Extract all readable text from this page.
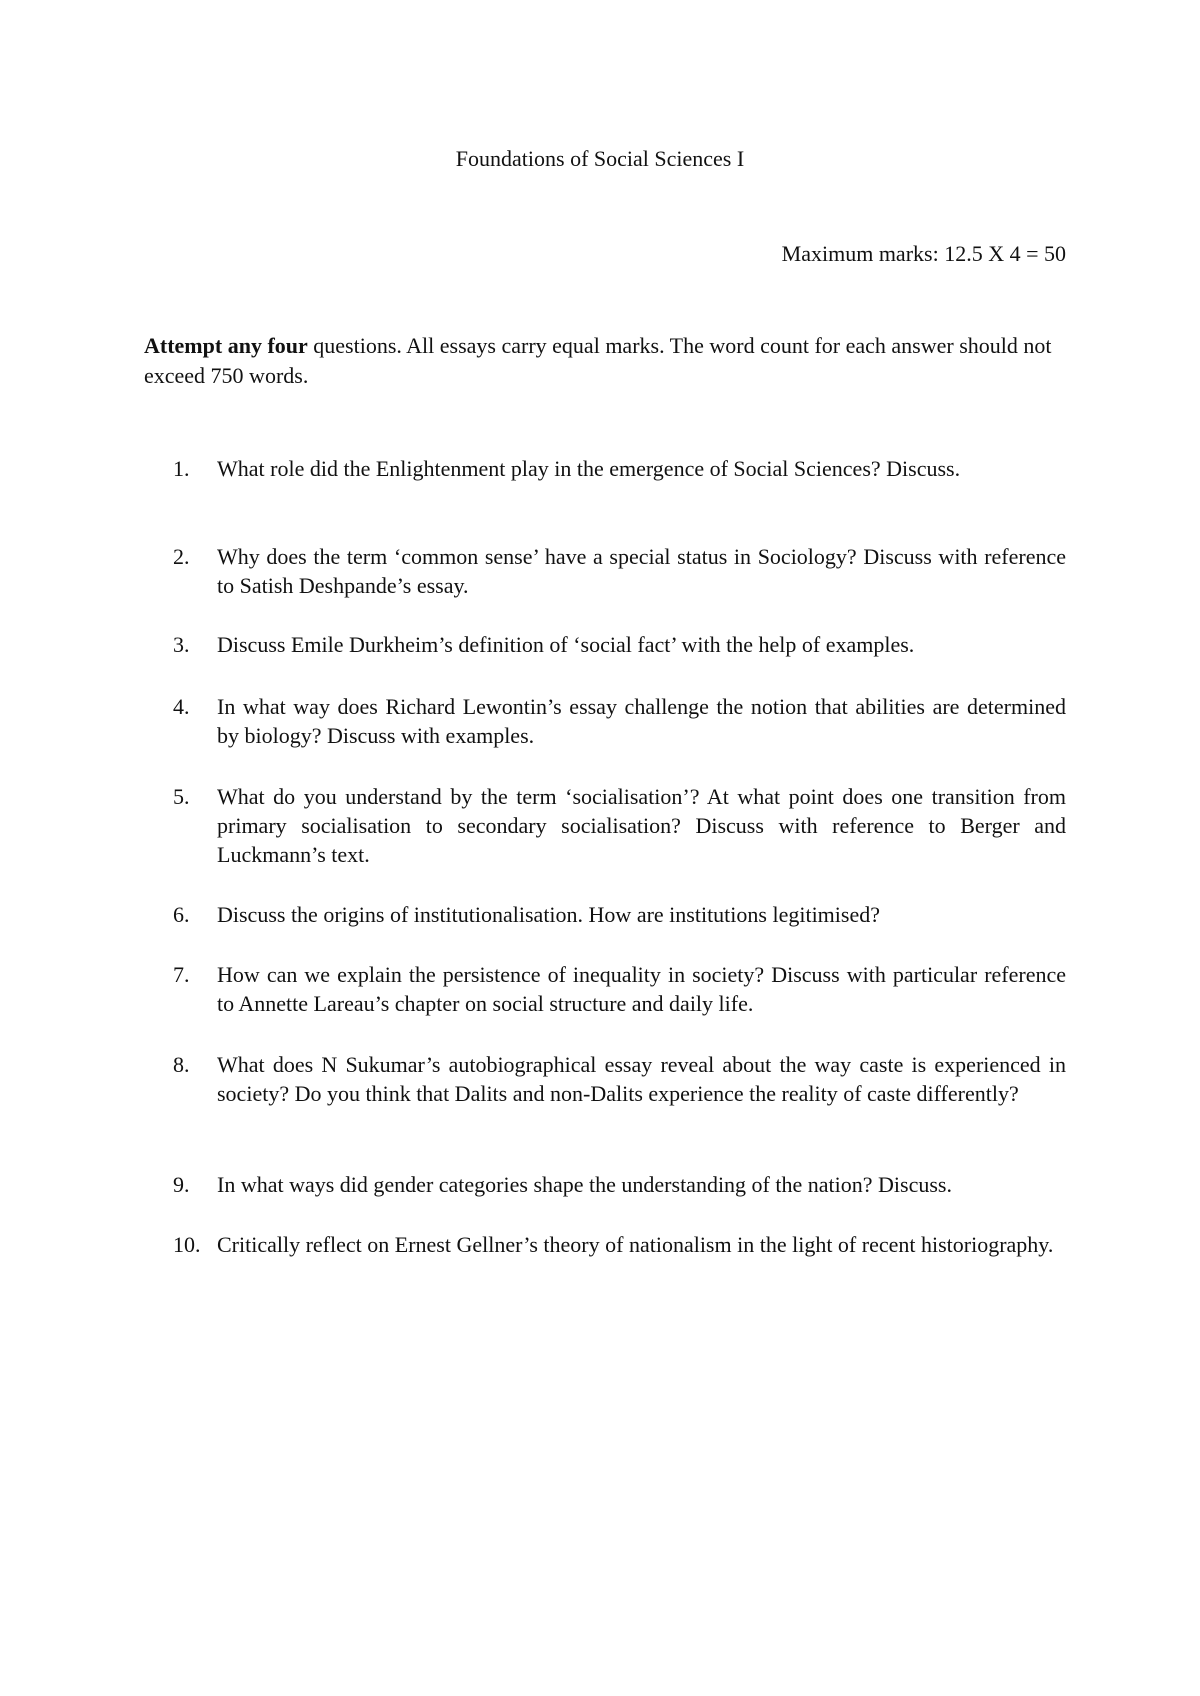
Foundations of Social Sciences I
Maximum marks: 12.5 X 4 = 50
Attempt any four questions. All essays carry equal marks. The word count for each answer should not exceed 750 words.
1.	What role did the Enlightenment play in the emergence of Social Sciences? Discuss.
2.	Why does the term ‘common sense’ have a special status in Sociology? Discuss with reference to Satish Deshpande’s essay.
3.	Discuss Emile Durkheim’s definition of ‘social fact’ with the help of examples.
4.	In what way does Richard Lewontin’s essay challenge the notion that abilities are determined by biology? Discuss with examples.
5.	What do you understand by the term ‘socialisation’? At what point does one transition from primary socialisation to secondary socialisation? Discuss with reference to Berger and Luckmann’s text.
6.	Discuss the origins of institutionalisation. How are institutions legitimised?
7.	How can we explain the persistence of inequality in society? Discuss with particular reference to Annette Lareau’s chapter on social structure and daily life.
8.	What does N Sukumar’s autobiographical essay reveal about the way caste is experienced in society? Do you think that Dalits and non-Dalits experience the reality of caste differently?
9.	In what ways did gender categories shape the understanding of the nation? Discuss.
10. Critically reflect on Ernest Gellner’s theory of nationalism in the light of recent historiography.
